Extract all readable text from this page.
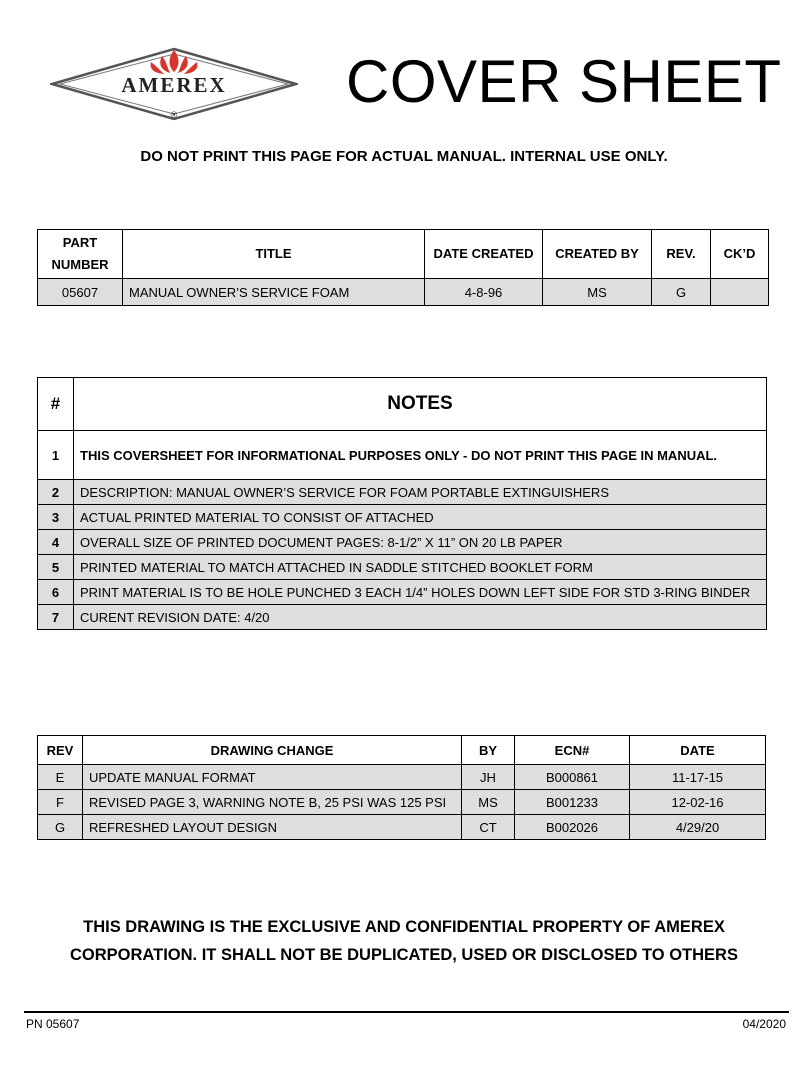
AMEREX
®	COVER SHEET

DO NOT PRINT THIS PAGE FOR ACTUAL MANUAL. INTERNAL USE ONLY.

PART NUMBER	TITLE	DATE CREATED	CREATED BY	REV.	CK’D
05607	MANUAL OWNER’S SERVICE FOAM	4-8-96	MS	G	
#	NOTES
1	THIS COVERSHEET FOR INFORMATIONAL PURPOSES ONLY - DO NOT PRINT THIS PAGE IN MANUAL.
2	DESCRIPTION: MANUAL OWNER’S SERVICE FOR FOAM PORTABLE EXTINGUISHERS
3	ACTUAL PRINTED MATERIAL TO CONSIST OF ATTACHED
4	OVERALL SIZE OF PRINTED DOCUMENT PAGES: 8-1/2” X 11” ON 20 LB PAPER
5	PRINTED MATERIAL TO MATCH ATTACHED IN SADDLE STITCHED BOOKLET FORM
6	PRINT MATERIAL IS TO BE HOLE PUNCHED 3 EACH 1/4” HOLES DOWN LEFT SIDE FOR STD 3-RING BINDER
7	CURENT REVISION DATE: 4/20
REV	DRAWING CHANGE	BY	ECN#	DATE
E	UPDATE MANUAL FORMAT	JH	B000861	11-17-15
F	REVISED PAGE 3, WARNING NOTE B, 25 PSI WAS 125 PSI	MS	B001233	12-02-16
G	REFRESHED LAYOUT DESIGN	CT	B002026	4/29/20
THIS DRAWING IS THE EXCLUSIVE AND CONFIDENTIAL PROPERTY OF AMEREX
CORPORATION. IT SHALL NOT BE DUPLICATED, USED OR DISCLOSED TO OTHERS
PN 05607	04/2020
